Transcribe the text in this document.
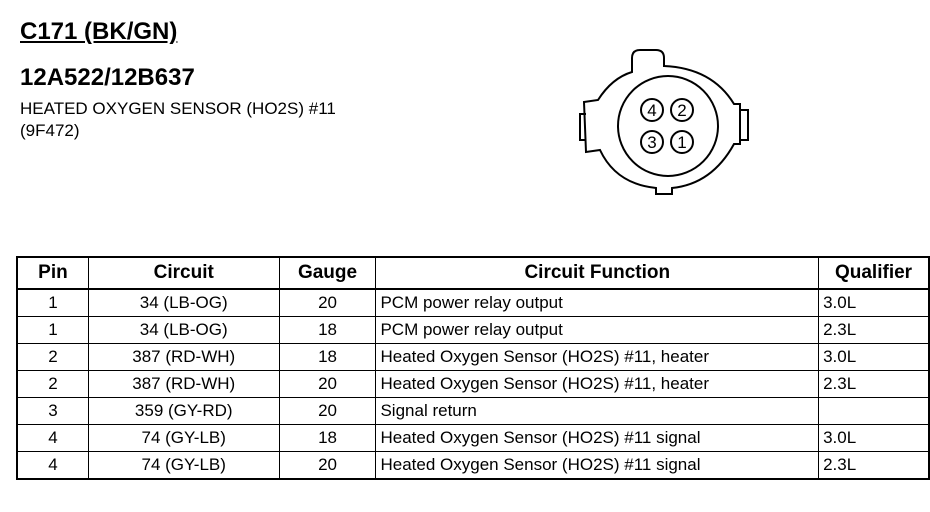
C171 (BK/GN)
12A522/12B637
HEATED OXYGEN SENSOR (HO2S) #11
(9F472)
4 2
3 1
Pin	Circuit	Gauge	Circuit Function	Qualifier
1	34 (LB-OG)	20	PCM power relay output	3.0L
1	34 (LB-OG)	18	PCM power relay output	2.3L
2	387 (RD-WH)	18	Heated Oxygen Sensor (HO2S) #11, heater	3.0L
2	387 (RD-WH)	20	Heated Oxygen Sensor (HO2S) #11, heater	2.3L
3	359 (GY-RD)	20	Signal return	
4	74 (GY-LB)	18	Heated Oxygen Sensor (HO2S) #11 signal	3.0L
4	74 (GY-LB)	20	Heated Oxygen Sensor (HO2S) #11 signal	2.3L
